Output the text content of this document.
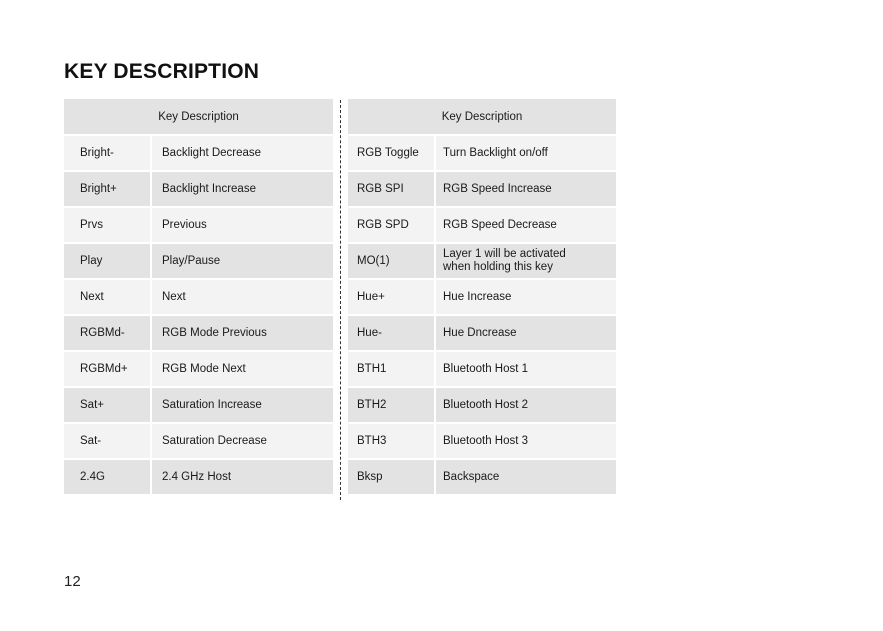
KEY DESCRIPTION
Key Description	
Bright-	Backlight Decrease
Bright+	Backlight Increase
Prvs	Previous
Play	Play/Pause
Next	Next
RGBMd-	RGB Mode Previous
RGBMd+	RGB Mode Next
Sat+	Saturation Increase
Sat-	Saturation Decrease
2.4G	2.4 GHz Host
Key Description	
RGB Toggle	Turn Backlight on/off
RGB SPI	RGB Speed Increase
RGB SPD	RGB Speed Decrease
MO(1)	Layer 1 will be activated
when holding this key
Hue+	Hue Increase
Hue-	Hue Dncrease
BTH1	Bluetooth Host 1
BTH2	Bluetooth Host 2
BTH3	Bluetooth Host 3
Bksp	Backspace
12
